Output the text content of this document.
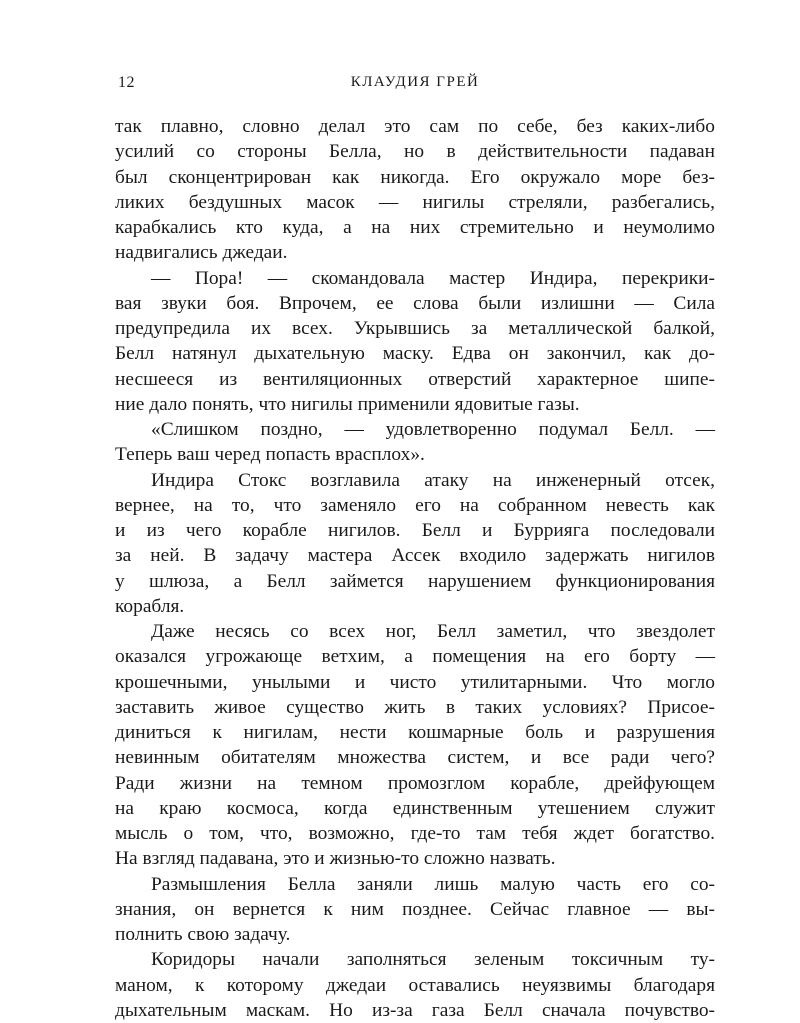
12	КЛАУДИЯ ГРЕЙ
так плавно, словно делал это сам по себе, без каких-либо
усилий со стороны Белла, но в действительности падаван
был сконцентрирован как никогда. Его окружало море без-
ликих бездушных масок — нигилы стреляли, разбегались,
карабкались кто куда, а на них стремительно и неумолимо
надвигались джедаи.
— Пора! — скомандовала мастер Индира, перекрики-
вая звуки боя. Впрочем, ее слова были излишни — Сила
предупредила их всех. Укрывшись за металлической балкой,
Белл натянул дыхательную маску. Едва он закончил, как до-
несшееся из вентиляционных отверстий характерное шипе-
ние дало понять, что нигилы применили ядовитые газы.
«Слишком поздно, — удовлетворенно подумал Белл. —
Теперь ваш черед попасть врасплох».
Индира Стокс возглавила атаку на инженерный отсек,
вернее, на то, что заменяло его на собранном невесть как
и из чего корабле нигилов. Белл и Буррияга последовали
за ней. В задачу мастера Ассек входило задержать нигилов
у шлюза, а Белл займется нарушением функционирования
корабля.
Даже несясь со всех ног, Белл заметил, что звездолет
оказался угрожающе ветхим, а помещения на его борту —
крошечными, унылыми и чисто утилитарными. Что могло
заставить живое существо жить в таких условиях? Присое-
диниться к нигилам, нести кошмарные боль и разрушения
невинным обитателям множества систем, и все ради чего?
Ради жизни на темном промозглом корабле, дрейфующем
на краю космоса, когда единственным утешением служит
мысль о том, что, возможно, где-то там тебя ждет богатство.
На взгляд падавана, это и жизнью-то сложно назвать.
Размышления Белла заняли лишь малую часть его со-
знания, он вернется к ним позднее. Сейчас главное — вы-
полнить свою задачу.
Коридоры начали заполняться зеленым токсичным ту-
маном, к которому джедаи оставались неуязвимы благодаря
дыхательным маскам. Но из-за газа Белл сначала почувство-
